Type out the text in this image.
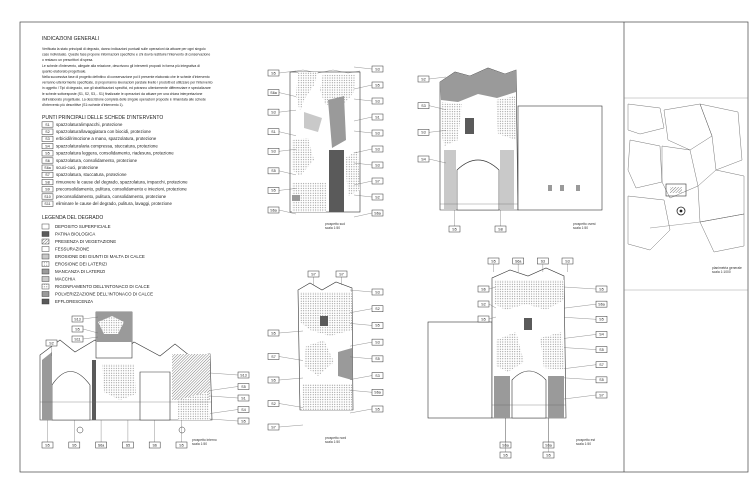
INDICAZIONI GENERALI
Verificata la stato principali di degrado, danno indicazioni puntuali sulle operazioni da attuare per ogni singolo
caso individuato. Queste fase propone informazioni specifiche e chi dovrà restituire l'intervento di conservazione
o restauro un prescrittori di spesa.
Le schede d'intervento, allegate alla relazione, descrivono gli interventi proposti in forma più integrativa di
quanto elaborato progettuale.
Nella successiva fase di progetto definitivo di conservazione poi il presente elaborato che le schede d'intervento
verranno ulteriormente specificate, si proporranno lavorazioni parziale livello / prodotti ed utilizzare per l'intervento
in oggetto / Tipi di degrado, con gli stratificazioni specifici, ed potranno ulteriormente differenziare e specializzare
le schede sottoesposte (S1, S2, S3,.. S1) finalizzate le operazioni da attuare per una chiara interpretazione
dell'elaborato progettuale. La descrizione completa delle singole operazioni proposte è rimandata alle schede
d'intervento più descrittive (S1=schede d'intervento 1).
PUNTI PRINCIPALI DELLE SCHEDE D'INTERVENTO
S1 spazzolatura/impacchi, protezione
S2 spazzolatura/lavaggiatura con biocidi, protezione
S3 erbicidi/rimozione a mano, spazzolatura, protezione
S4 spazzolatura/aria compressa, stuccatura, protezione
S5 spazzolatura leggera, consolidamento, riadesura, protezione
S6 spazzolatura, consolidamento, protezione
S6a scuci-cuci, protezione
S7 spazzolatura, stuccatura, protezione
S8 rimuovere le cause del degrado, spazzolatura, impacchi, protezione
S9 preconsolidamento, pulitura, consolidamento e iniezioni, protezione
S10 preconsolidamento, pulitura, consolidamento, protezione
S11 eliminare le cause del degrado, pulitura, lavaggi, protezione
LEGENDA DEL DEGRADO
DEPOSITO SUPERFICIALE
PATINA BIOLOGICA
PRESENZA DI VEGETAZIONE
FESSURAZIONE
EROSIONE DEI GIUNTI DI MALTA DI CALCE
EROSIONE DEI LATERIZI
MANCANZA DI LATERIZI
MACCHIA
RIGONFIAMENTO DELL'INTONACO DI CALCE
POLVERIZZAZIONE DELL'INTONACO DI CALCE
EFFLORESCENZA
prospetto sud
scala 1:50
S5
S6a
S3
S1
S3
S5
S5
S6a
S3
S5
S3
S1
S3
S3
S3
S7
S2
S6a
prospetto ovest
scala 1:50
S2
S3
S3
S4
S5	S8
prospetto interno
scala 1:50
S13
S5
S11
S2
S13
S5
S1
S4
S5
S5	S5	S6a	S5	S6	S5
prospetto nord
scala 1:50
S7	S7
S5
S7
S5
S2
S7
S3
S2
S5
S3
S5
S3
S6a
S5
prospetto est
scala 1:50
S5	S6a	S3	S3
S6
S2
S5
S5
S6a
S5
S4
S5
S7
S5
S7
S6a
S5
S6a
S5
planimetria generale
scala 1:1000
